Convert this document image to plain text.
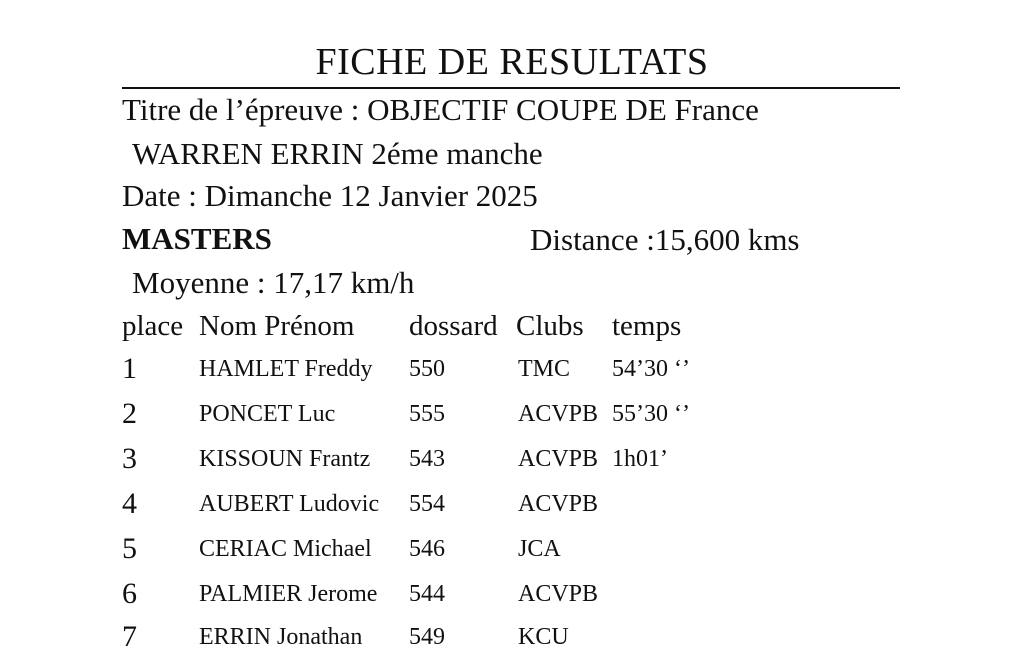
FICHE DE RESULTATS
Titre de l’épreuve : OBJECTIF COUPE DE France
WARREN ERRIN 2éme manche
Date : Dimanche 12 Janvier 2025
MASTERS	Distance :15,600 kms
Moyenne : 17,17 km/h
place Nom Prénom dossard Clubs temps
1	HAMLET Freddy 550	TMC 54’30 ‘’
2	PONCET Luc	555	ACVPB 55’30 ‘’
3	KISSOUN Frantz 543	ACVPB 1h01’
4	AUBERT Ludovic 554	ACVPB
5	CERIAC Michael 546	JCA
6	PALMIER Jerome 544	ACVPB
7	ERRIN Jonathan 549	KCU
